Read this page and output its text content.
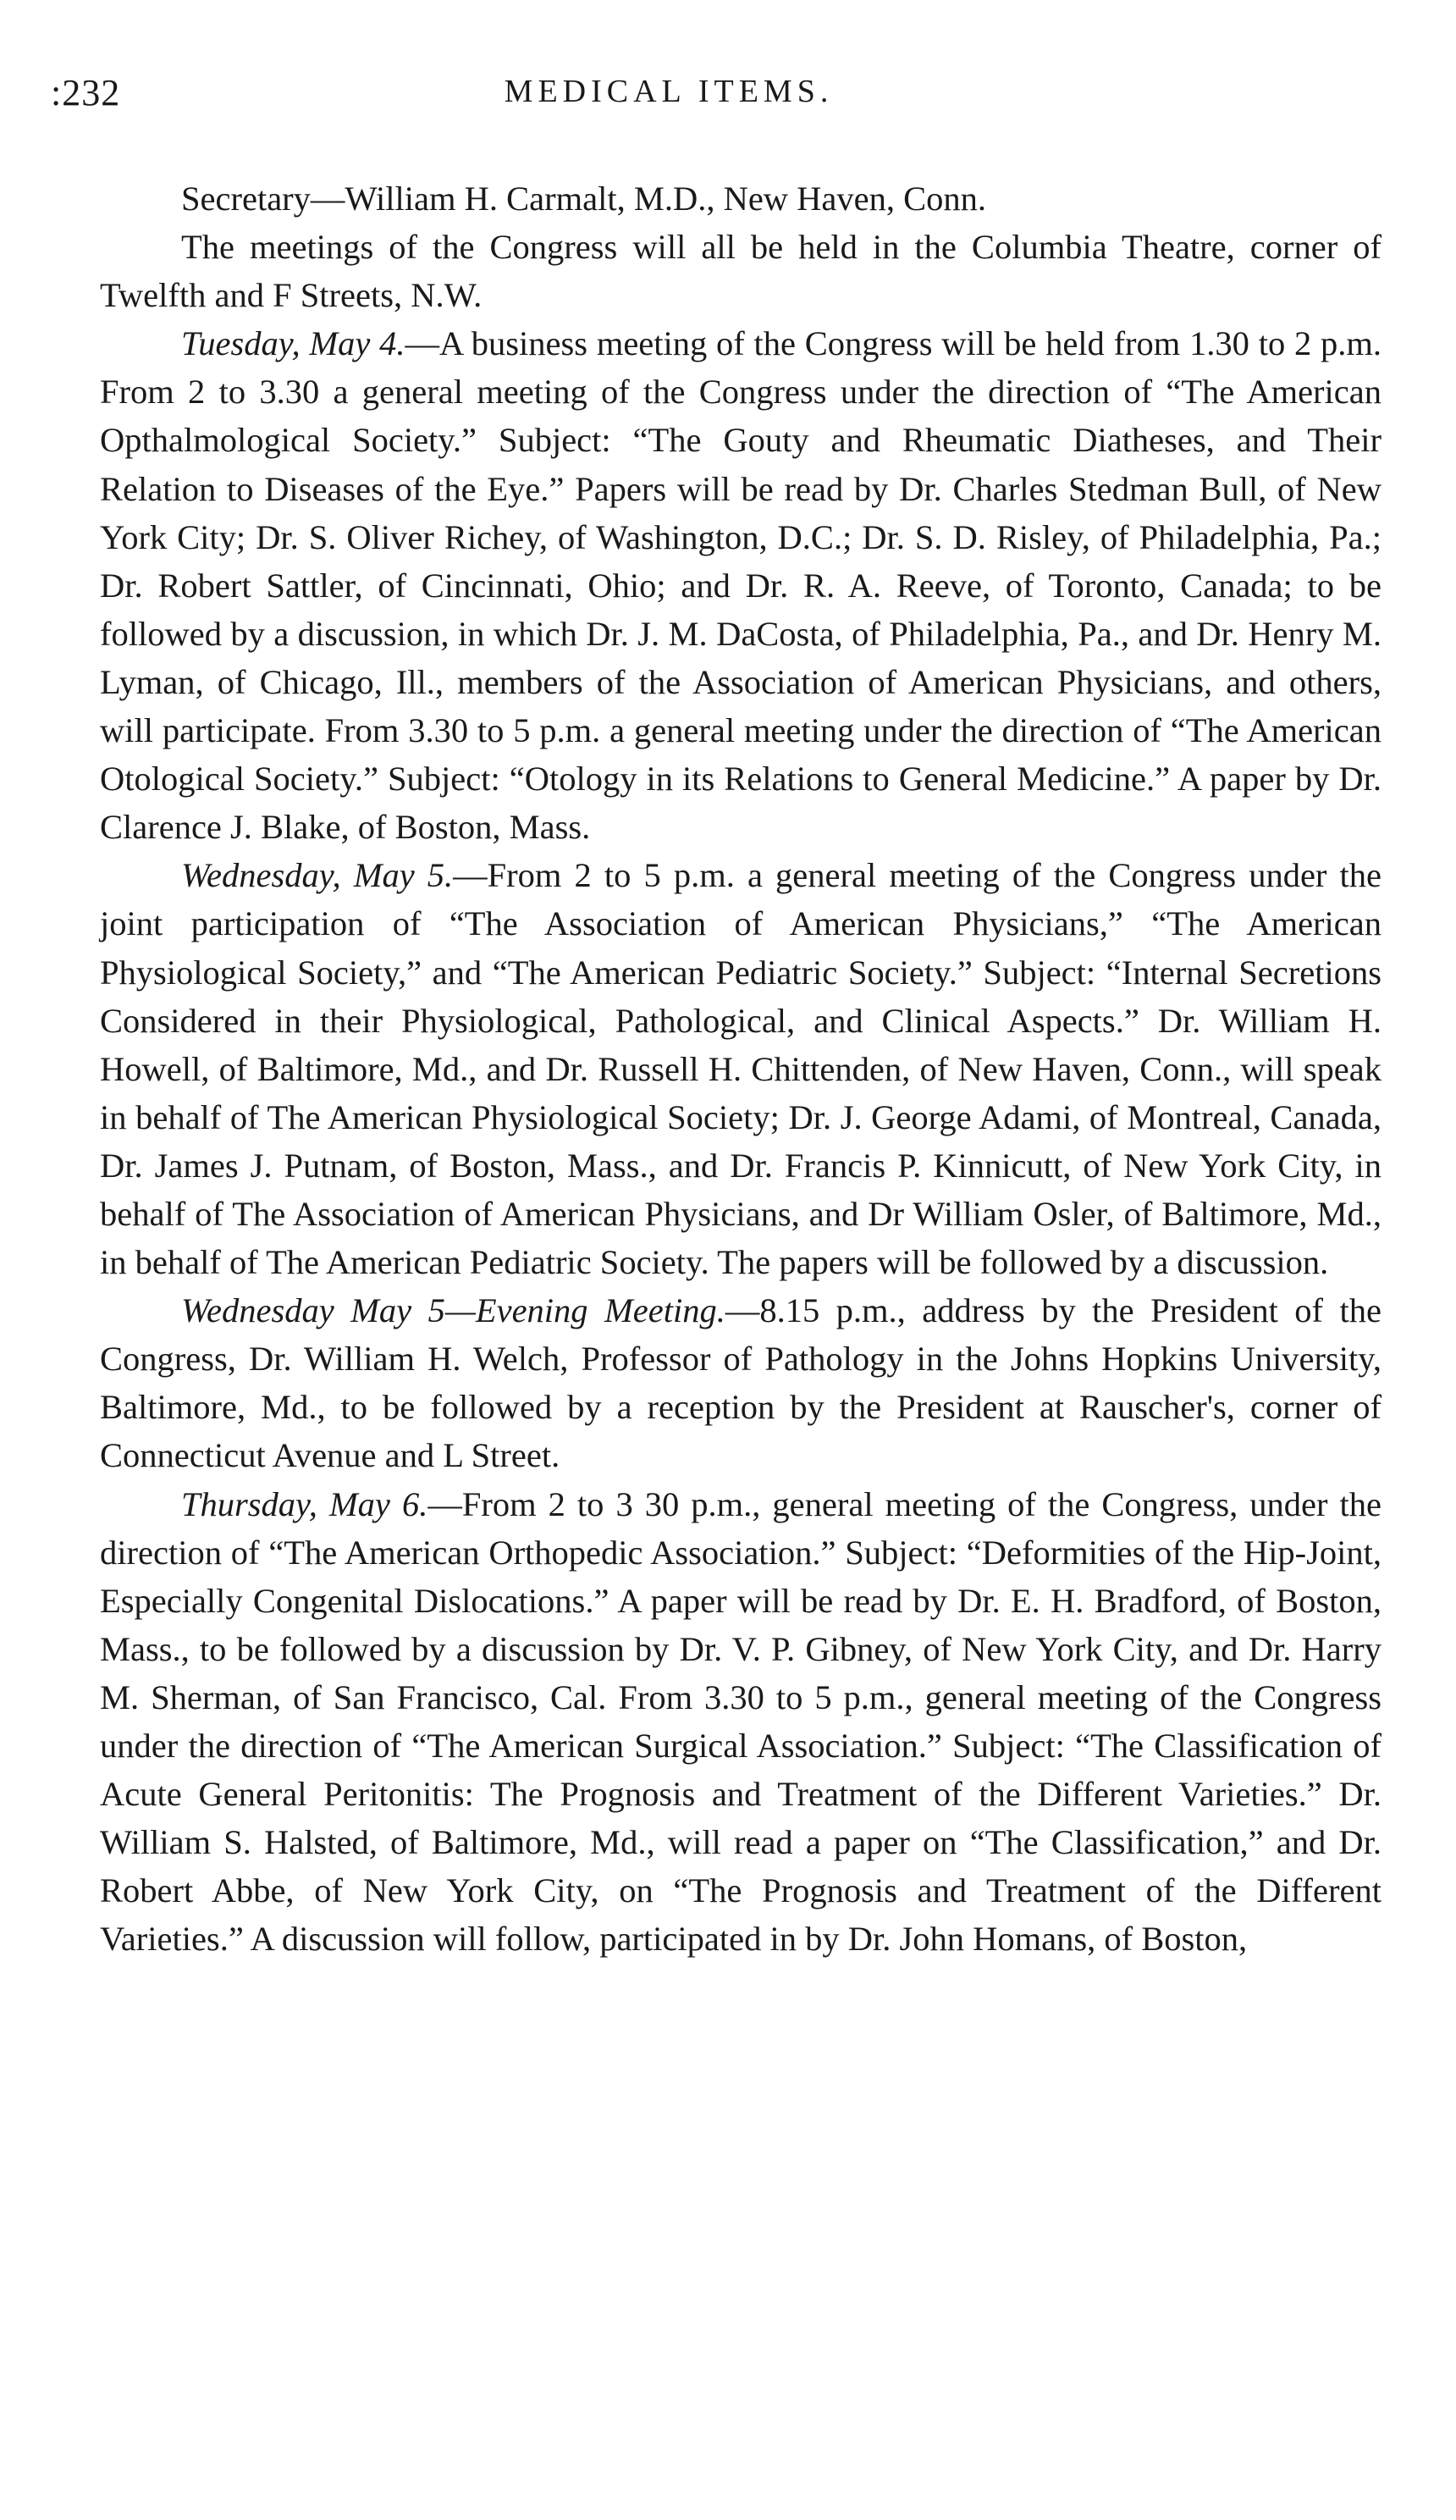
:232	MEDICAL ITEMS.

Secretary—William H. Carmalt, M.D., New Haven, Conn.

The meetings of the Congress will all be held in the Columbia Theatre, corner of Twelfth and F Streets, N.W.

Tuesday, May 4.—A business meeting of the Congress will be held from 1.30 to 2 p.m. From 2 to 3.30 a general meeting of the Congress under the direction of “The American Opthalmological Society.” Subject: “The Gouty and Rheumatic Diatheses, and Their Relation to Diseases of the Eye.” Papers will be read by Dr. Charles Stedman Bull, of New York City; Dr. S. Oliver Richey, of Washington, D.C.; Dr. S. D. Risley, of Philadelphia, Pa.; Dr. Robert Sattler, of Cincinnati, Ohio; and Dr. R. A. Reeve, of Toronto, Canada; to be followed by a discussion, in which Dr. J. M. DaCosta, of Philadelphia, Pa., and Dr. Henry M. Lyman, of Chicago, Ill., members of the Association of American Physicians, and others, will participate. From 3.30 to 5 p.m. a general meeting under the direction of “The American Otological Society.” Subject: “Otology in its Relations to General Medicine.” A paper by Dr. Clarence J. Blake, of Boston, Mass.

Wednesday, May 5.—From 2 to 5 p.m. a general meeting of the Congress under the joint participation of “The Association of American Physicians,” “The American Physiological Society,” and “The American Pediatric Society.” Subject: “Internal Secretions Considered in their Physiological, Pathological, and Clinical Aspects.” Dr. William H. Howell, of Baltimore, Md., and Dr. Russell H. Chittenden, of New Haven, Conn., will speak in behalf of The American Physiological Society; Dr. J. George Adami, of Montreal, Canada, Dr. James J. Putnam, of Boston, Mass., and Dr. Francis P. Kinnicutt, of New York City, in behalf of The Association of American Physicians, and Dr William Osler, of Baltimore, Md., in behalf of The American Pediatric Society. The papers will be followed by a discussion.

Wednesday May 5—Evening Meeting.—8.15 p.m., address by the President of the Congress, Dr. William H. Welch, Professor of Pathology in the Johns Hopkins University, Baltimore, Md., to be followed by a reception by the President at Rauscher's, corner of Connecticut Avenue and L Street.

Thursday, May 6.—From 2 to 3 30 p.m., general meeting of the Congress, under the direction of “The American Orthopedic Association.” Subject: “Deformities of the Hip-Joint, Especially Congenital Dislocations.” A paper will be read by Dr. E. H. Bradford, of Boston, Mass., to be followed by a discussion by Dr. V. P. Gibney, of New York City, and Dr. Harry M. Sherman, of San Francisco, Cal. From 3.30 to 5 p.m., general meeting of the Congress under the direction of “The American Surgical Association.” Subject: “The Classification of Acute General Peritonitis: The Prognosis and Treatment of the Different Varieties.” Dr. William S. Halsted, of Baltimore, Md., will read a paper on “The Classification,” and Dr. Robert Abbe, of New York City, on “The Prognosis and Treatment of the Different Varieties.” A discussion will follow, participated in by Dr. John Homans, of Boston,
